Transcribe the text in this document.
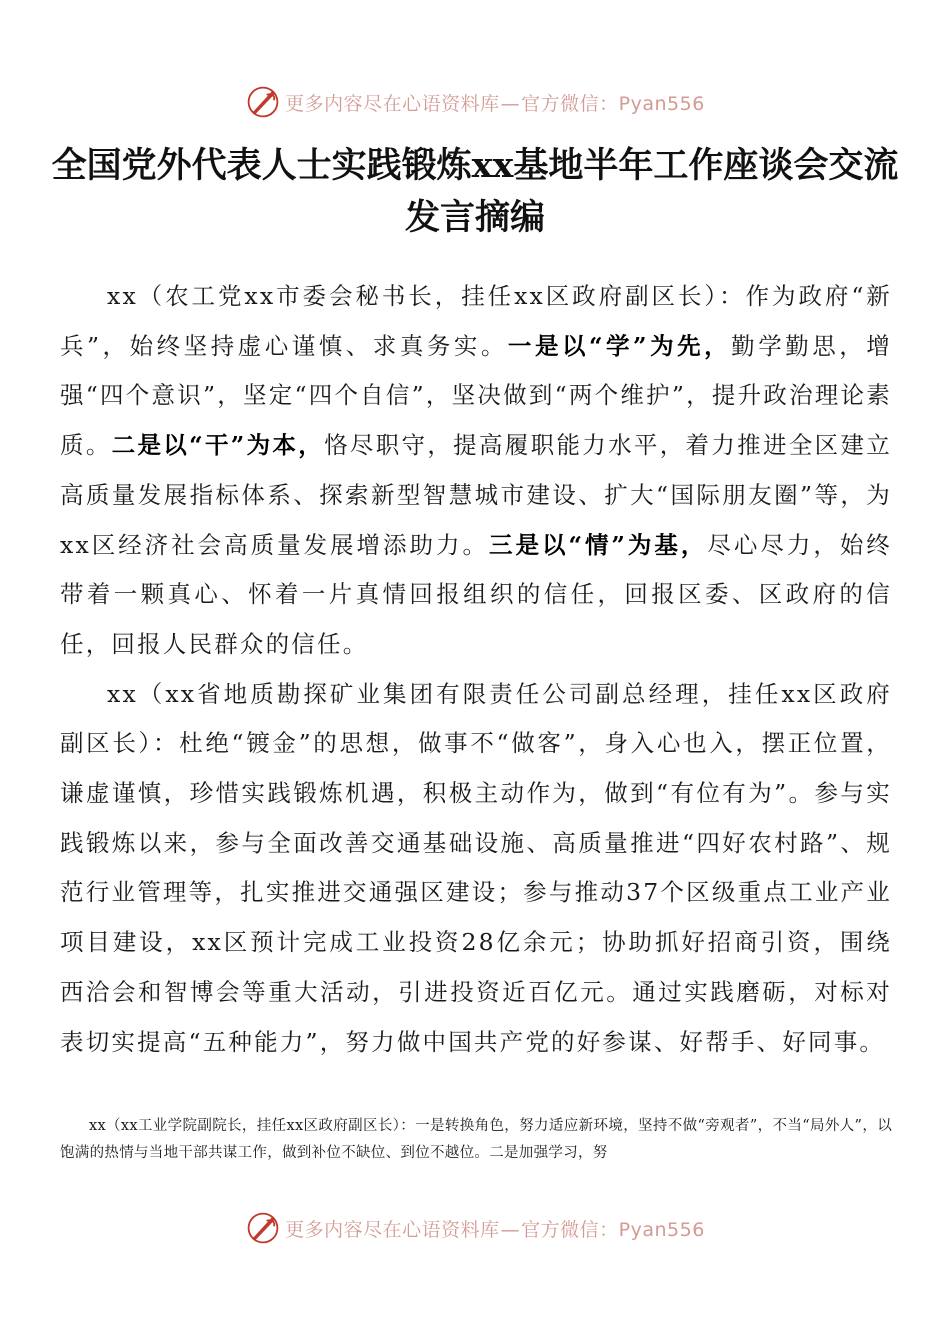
更多内容尽在心语资料库—官方微信：Pyan556
全国党外代表人士实践锻炼xx基地半年工作座谈会交流发言摘编

xx（农工党xx市委会秘书长，挂任xx区政府副区长）：作为政府“新兵”，始终坚持虚心谨慎、求真务实。一是以“学”为先，勤学勤思，增强“四个意识”，坚定“四个自信”，坚决做到“两个维护”，提升政治理论素质。二是以“干”为本，恪尽职守，提高履职能力水平，着力推进全区建立高质量发展指标体系、探索新型智慧城市建设、扩大“国际朋友圈”等，为xx区经济社会高质量发展增添助力。三是以“情”为基，尽心尽力，始终带着一颗真心、怀着一片真情回报组织的信任，回报区委、区政府的信任，回报人民群众的信任。

xx（xx省地质勘探矿业集团有限责任公司副总经理，挂任xx区政府副区长）：杜绝“镀金”的思想，做事不“做客”，身入心也入，摆正位置，谦虚谨慎，珍惜实践锻炼机遇，积极主动作为，做到“有位有为”。参与实践锻炼以来，参与全面改善交通基础设施、高质量推进“四好农村路”、规范行业管理等，扎实推进交通强区建设；参与推动37个区级重点工业产业项目建设，xx区预计完成工业投资28亿余元；协助抓好招商引资，围绕西洽会和智博会等重大活动，引进投资近百亿元。通过实践磨砺，对标对表切实提高“五种能力”，努力做中国共产党的好参谋、好帮手、好同事。

xx（xx工业学院副院长，挂任xx区政府副区长）：一是转换角色，努力适应新环境，坚持不做“旁观者”，不当“局外人”，以饱满的热情与当地干部共谋工作，做到补位不缺位、到位不越位。二是加强学习，努

更多内容尽在心语资料库—官方微信：Pyan556
